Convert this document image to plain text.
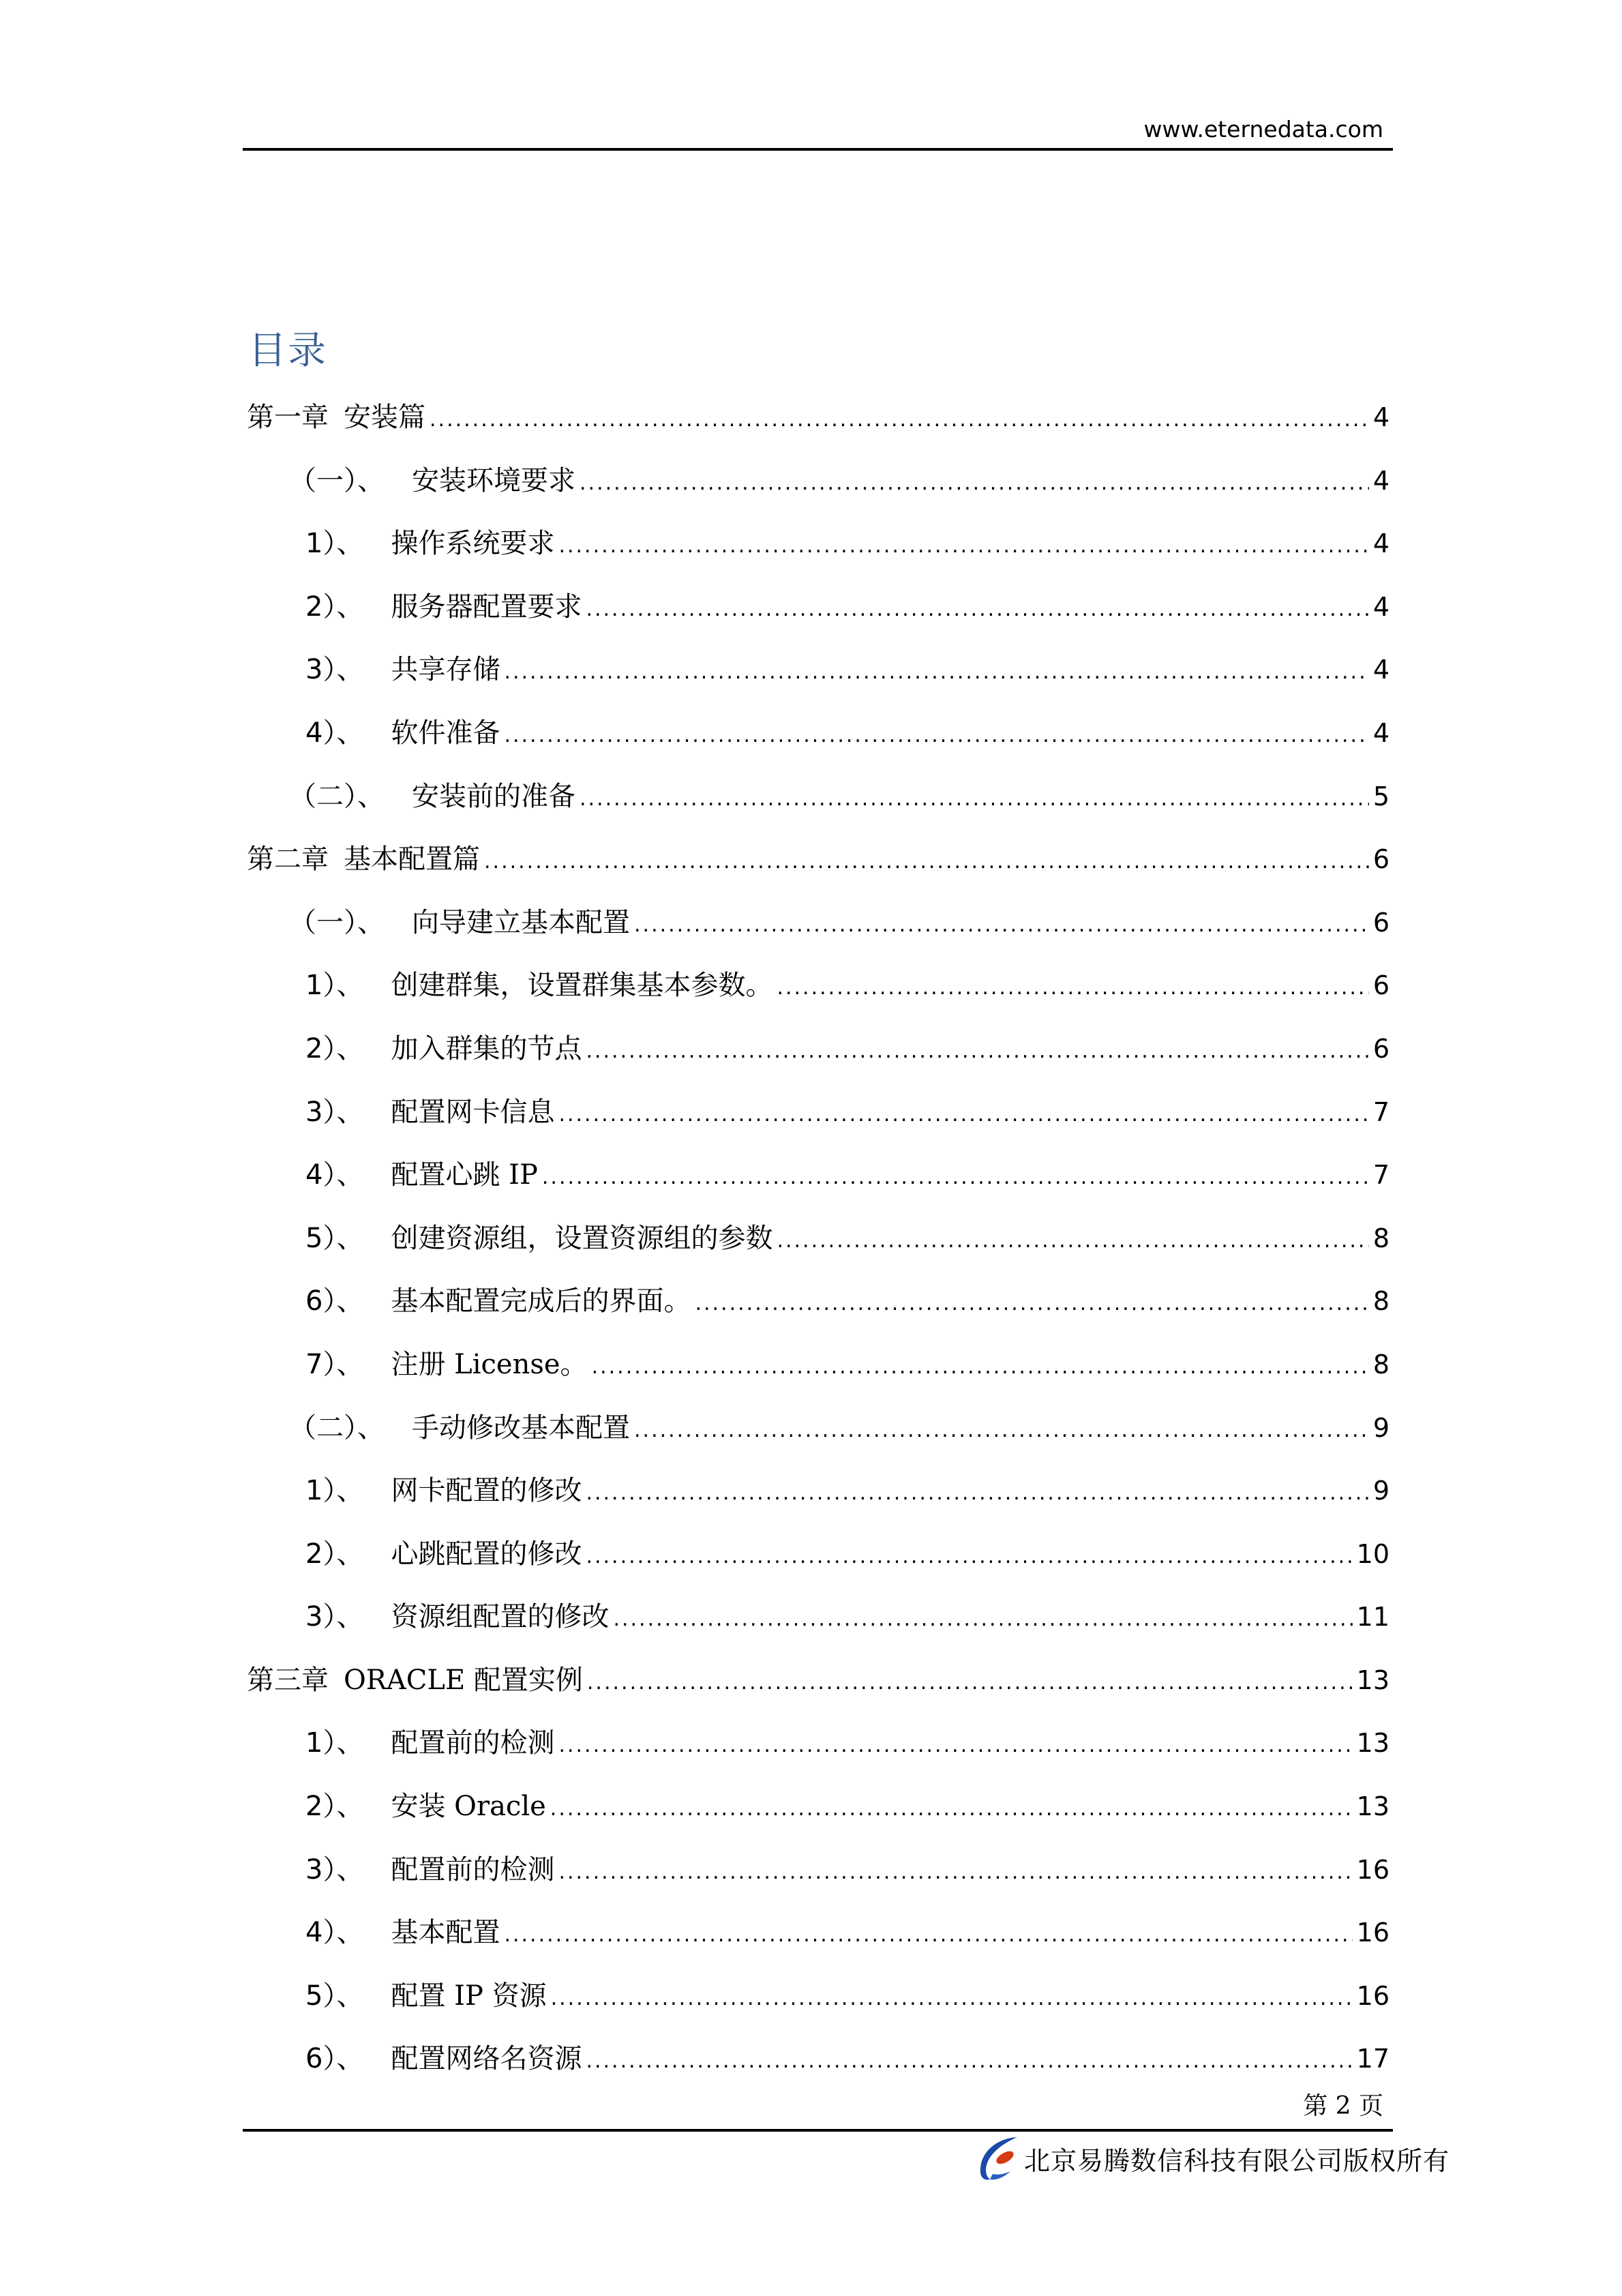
www.eternedata.com
目录
第一章 安装篇 .....	4
（一）、 安装环境要求 .....	4
1）、 操作系统要求 .....	4
2）、 服务器配置要求 .....	4
3）、 共享存储 .....	4
4）、 软件准备 .....	4
（二）、 安装前的准备 .....	5
第二章 基本配置篇 .....	6
（一）、 向导建立基本配置 .....	6
1）、 创建群集，设置群集基本参数。 .....	6
2）、 加入群集的节点 .....	6
3）、 配置网卡信息 .....	7
4）、 配置心跳 IP .....	7
5）、 创建资源组，设置资源组的参数 .....	8
6）、 基本配置完成后的界面。 .....	8
7）、 注册 License。 .....	8
（二）、 手动修改基本配置 .....	9
1）、 网卡配置的修改 .....	9
2）、 心跳配置的修改 .....	10
3）、 资源组配置的修改 .....	11
第三章 ORACLE 配置实例 .....	13
1）、 配置前的检测 .....	13
2）、 安装 Oracle .....	13
3）、 配置前的检测 .....	16
4）、 基本配置 .....	16
5）、 配置 IP 资源 .....	16
6）、 配置网络名资源 .....	17
第 2 页
北京易腾数信科技有限公司版权所有
